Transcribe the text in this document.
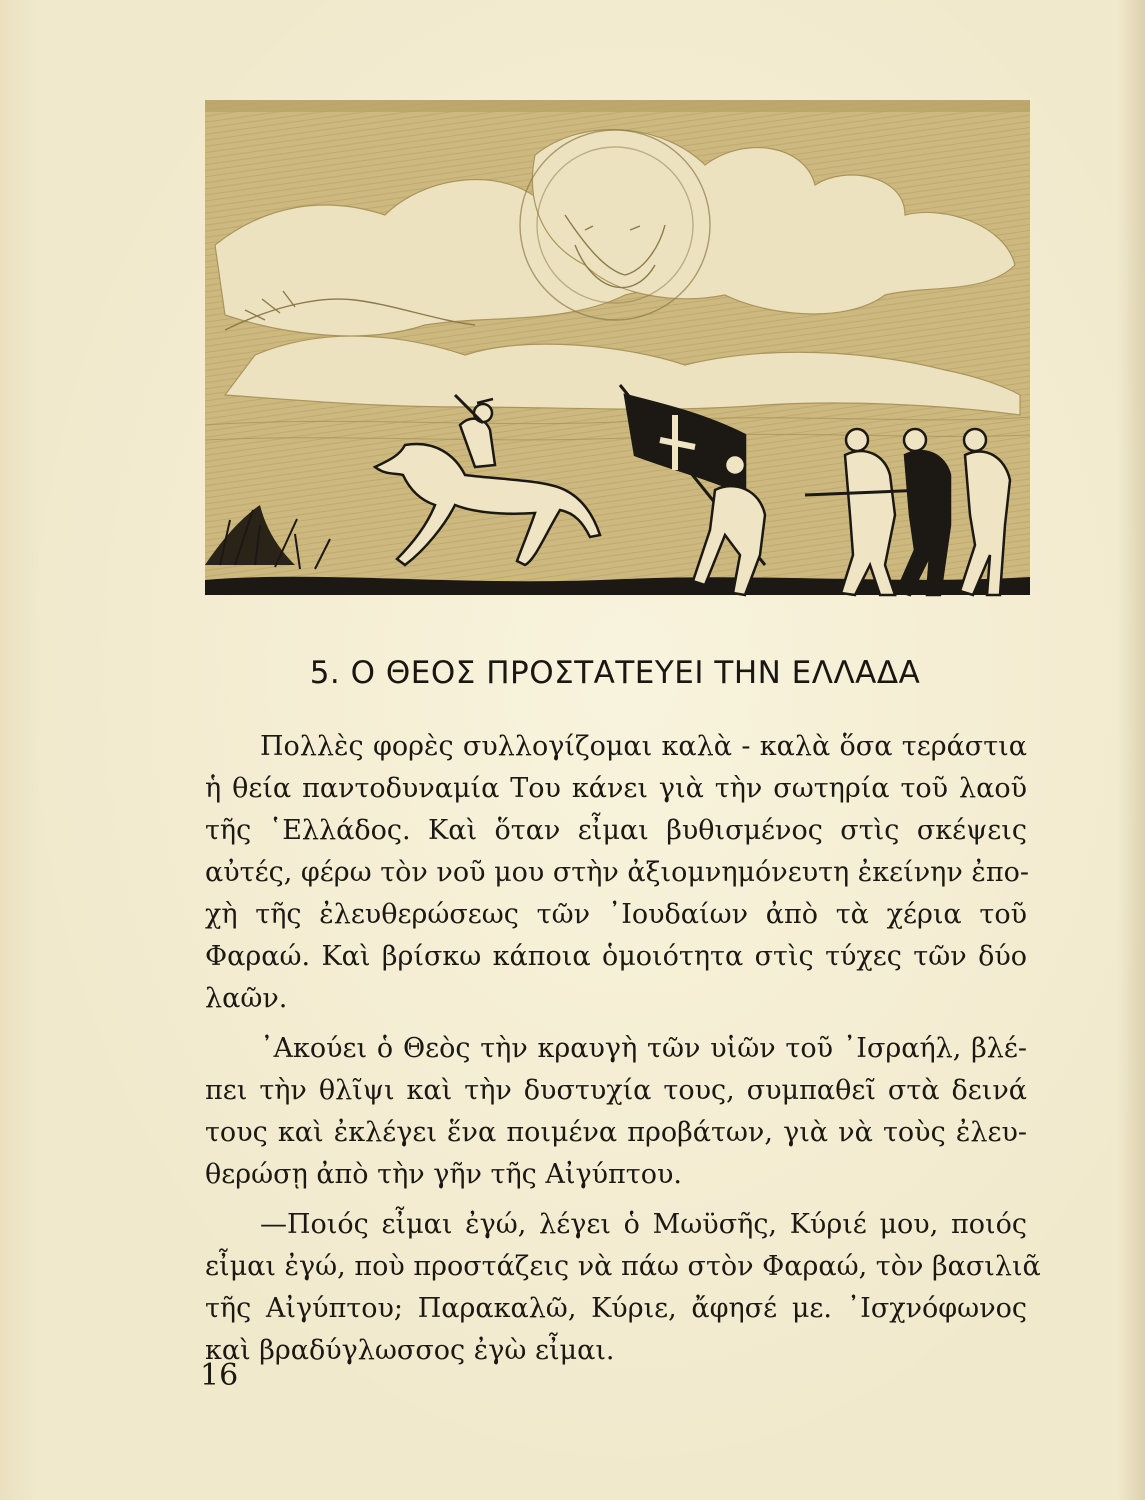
5. Ο ΘΕΟΣ ΠΡΟΣΤΑΤΕΥΕΙ ΤΗΝ ΕΛΛΑΔΑ
Πολλὲς φορὲς συλλογίζομαι καλὰ - καλὰ ὅσα τεράστια
ἡ θεία παντοδυναμία Του κάνει γιὰ τὴν σωτηρία τοῦ λαοῦ
τῆς ῾Ελλάδος. Καὶ ὅταν εἶμαι βυθισμένος στὶς σκέψεις
αὐτές, φέρω τὸν νοῦ μου στὴν ἀξιομνημόνευτη ἐκείνην ἐπο-
χὴ τῆς ἐλευθερώσεως τῶν ᾿Ιουδαίων ἀπὸ τὰ χέρια τοῦ
Φαραώ. Καὶ βρίσκω κάποια ὁμοιότητα στὶς τύχες τῶν δύο
λαῶν.
᾿Ακούει ὁ Θεὸς τὴν κραυγὴ τῶν υἱῶν τοῦ ᾿Ισραήλ, βλέ-
πει τὴν θλῖψι καὶ τὴν δυστυχία τους, συμπαθεῖ στὰ δεινά
τους καὶ ἐκλέγει ἕνα ποιμένα προβάτων, γιὰ νὰ τοὺς ἐλευ-
θερώσῃ ἀπὸ τὴν γῆν τῆς Αἰγύπτου.
—Ποιός εἶμαι ἐγώ, λέγει ὁ Μωϋσῆς, Κύριέ μου, ποιός
εἶμαι ἐγώ, ποὺ προστάζεις νὰ πάω στὸν Φαραώ, τὸν βασιλιᾶ
τῆς Αἰγύπτου; Παρακαλῶ, Κύριε, ἄφησέ με. ᾿Ισχνόφωνος
καὶ βραδύγλωσσος ἐγὼ εἶμαι.
16
